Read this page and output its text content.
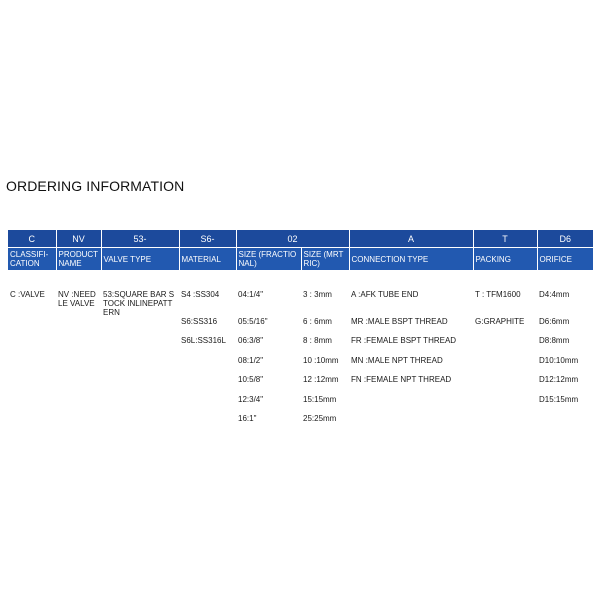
ORDERING INFORMATION
C	NV	53-	S6-	02		A	T	D6
CLASSIFI-CATION	PRODUCT NAME	VALVE TYPE	MATERIAL	SIZE (FRACTIONAL)	SIZE (MRTRIC)	CONNECTION TYPE	PACKING	ORIFICE

C :VALVE	NV :NEEDLE VALVE	53:SQUARE BAR STOCK INLINEPATTERN	S4 :SS304	04:1/4"	3 : 3mm	A :AFK TUBE END	T : TFM1600	D4:4mm
			S6:SS316	05:5/16"	6 : 6mm	MR :MALE BSPT THREAD	G:GRAPHITE	D6:6mm
			S6L:SS316L	06:3/8"	8 : 8mm	FR :FEMALE BSPT THREAD		D8:8mm
				08:1/2"	10 :10mm	MN :MALE NPT THREAD		D10:10mm
				10:5/8"	12 :12mm	FN :FEMALE NPT THREAD		D12:12mm
				12:3/4"	15:15mm			D15:15mm
				16:1"	25:25mm			
